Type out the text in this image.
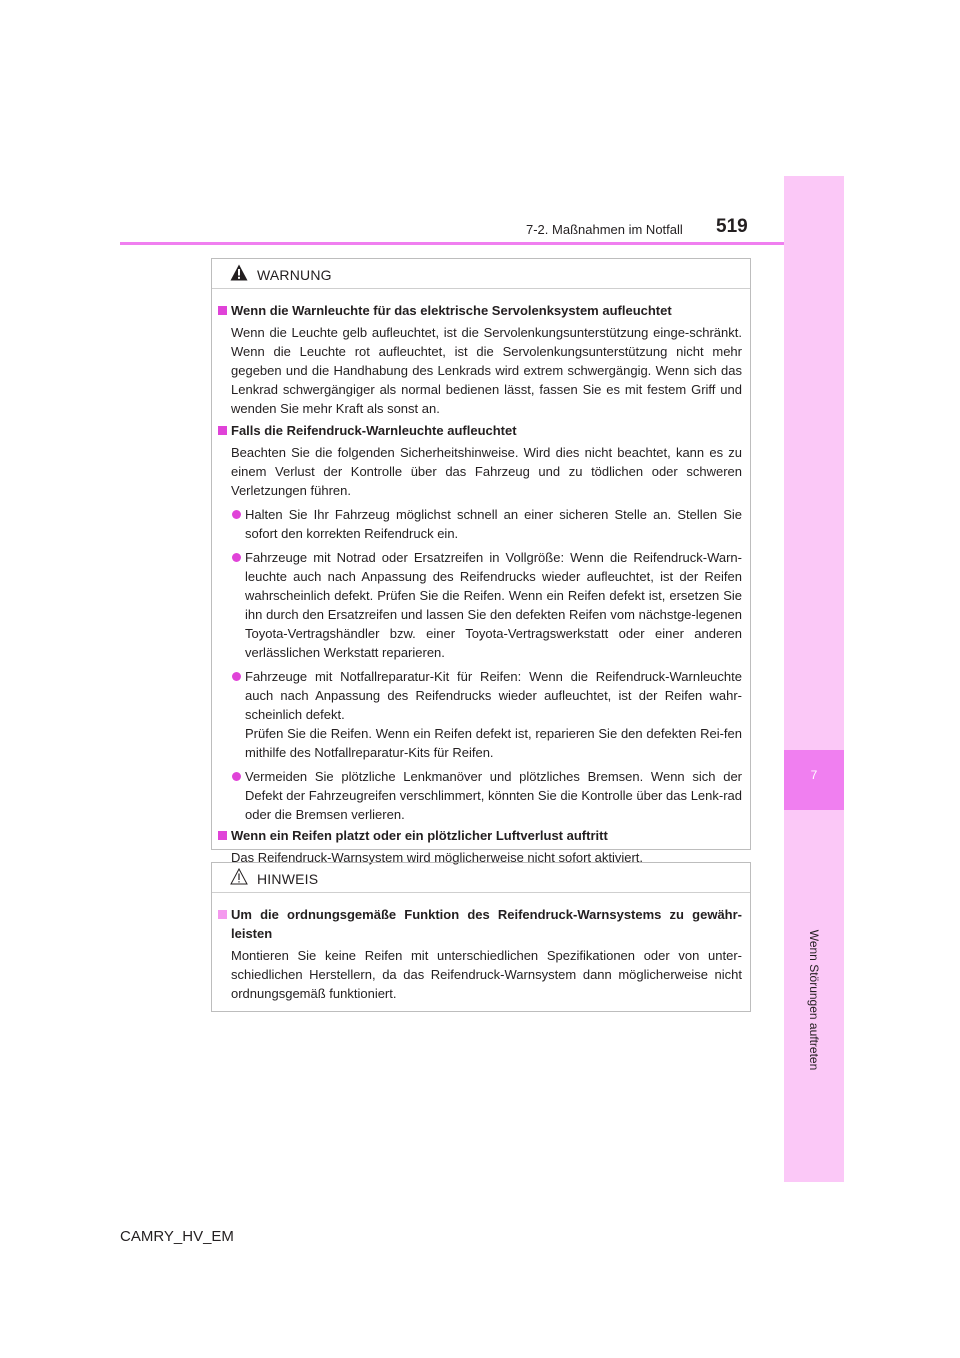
7
Wenn Störungen auftreten
7-2. Maßnahmen im Notfall 519
WARNUNG
Wenn die Warnleuchte für das elektrische Servolenksystem aufleuchtet
Wenn die Leuchte gelb aufleuchtet, ist die Servolenkungsunterstützung einge-schränkt. Wenn die Leuchte rot aufleuchtet, ist die Servolenkungsunterstützung nicht mehr gegeben und die Handhabung des Lenkrads wird extrem schwergängig. Wenn sich das Lenkrad schwergängiger als normal bedienen lässt, fassen Sie es mit festem Griff und wenden Sie mehr Kraft als sonst an.
Falls die Reifendruck-Warnleuchte aufleuchtet
Beachten Sie die folgenden Sicherheitshinweise. Wird dies nicht beachtet, kann es zu einem Verlust der Kontrolle über das Fahrzeug und zu tödlichen oder schweren Verletzungen führen.
Halten Sie Ihr Fahrzeug möglichst schnell an einer sicheren Stelle an. Stellen Sie sofort den korrekten Reifendruck ein.
Fahrzeuge mit Notrad oder Ersatzreifen in Vollgröße: Wenn die Reifendruck-Warn-leuchte auch nach Anpassung des Reifendrucks wieder aufleuchtet, ist der Reifen wahrscheinlich defekt. Prüfen Sie die Reifen. Wenn ein Reifen defekt ist, ersetzen Sie ihn durch den Ersatzreifen und lassen Sie den defekten Reifen vom nächstge-legenen Toyota-Vertragshändler bzw. einer Toyota-Vertragswerkstatt oder einer anderen verlässlichen Werkstatt reparieren.
Fahrzeuge mit Notfallreparatur-Kit für Reifen: Wenn die Reifendruck-Warnleuchte auch nach Anpassung des Reifendrucks wieder aufleuchtet, ist der Reifen wahr-scheinlich defekt.
Prüfen Sie die Reifen. Wenn ein Reifen defekt ist, reparieren Sie den defekten Rei-fen mithilfe des Notfallreparatur-Kits für Reifen.
Vermeiden Sie plötzliche Lenkmanöver und plötzliches Bremsen. Wenn sich der Defekt der Fahrzeugreifen verschlimmert, könnten Sie die Kontrolle über das Lenk-rad oder die Bremsen verlieren.
Wenn ein Reifen platzt oder ein plötzlicher Luftverlust auftritt
Das Reifendruck-Warnsystem wird möglicherweise nicht sofort aktiviert.
HINWEIS
Um die ordnungsgemäße Funktion des Reifendruck-Warnsystems zu gewähr-leisten
Montieren Sie keine Reifen mit unterschiedlichen Spezifikationen oder von unter-schiedlichen Herstellern, da das Reifendruck-Warnsystem dann möglicherweise nicht ordnungsgemäß funktioniert.
CAMRY_HV_EM
